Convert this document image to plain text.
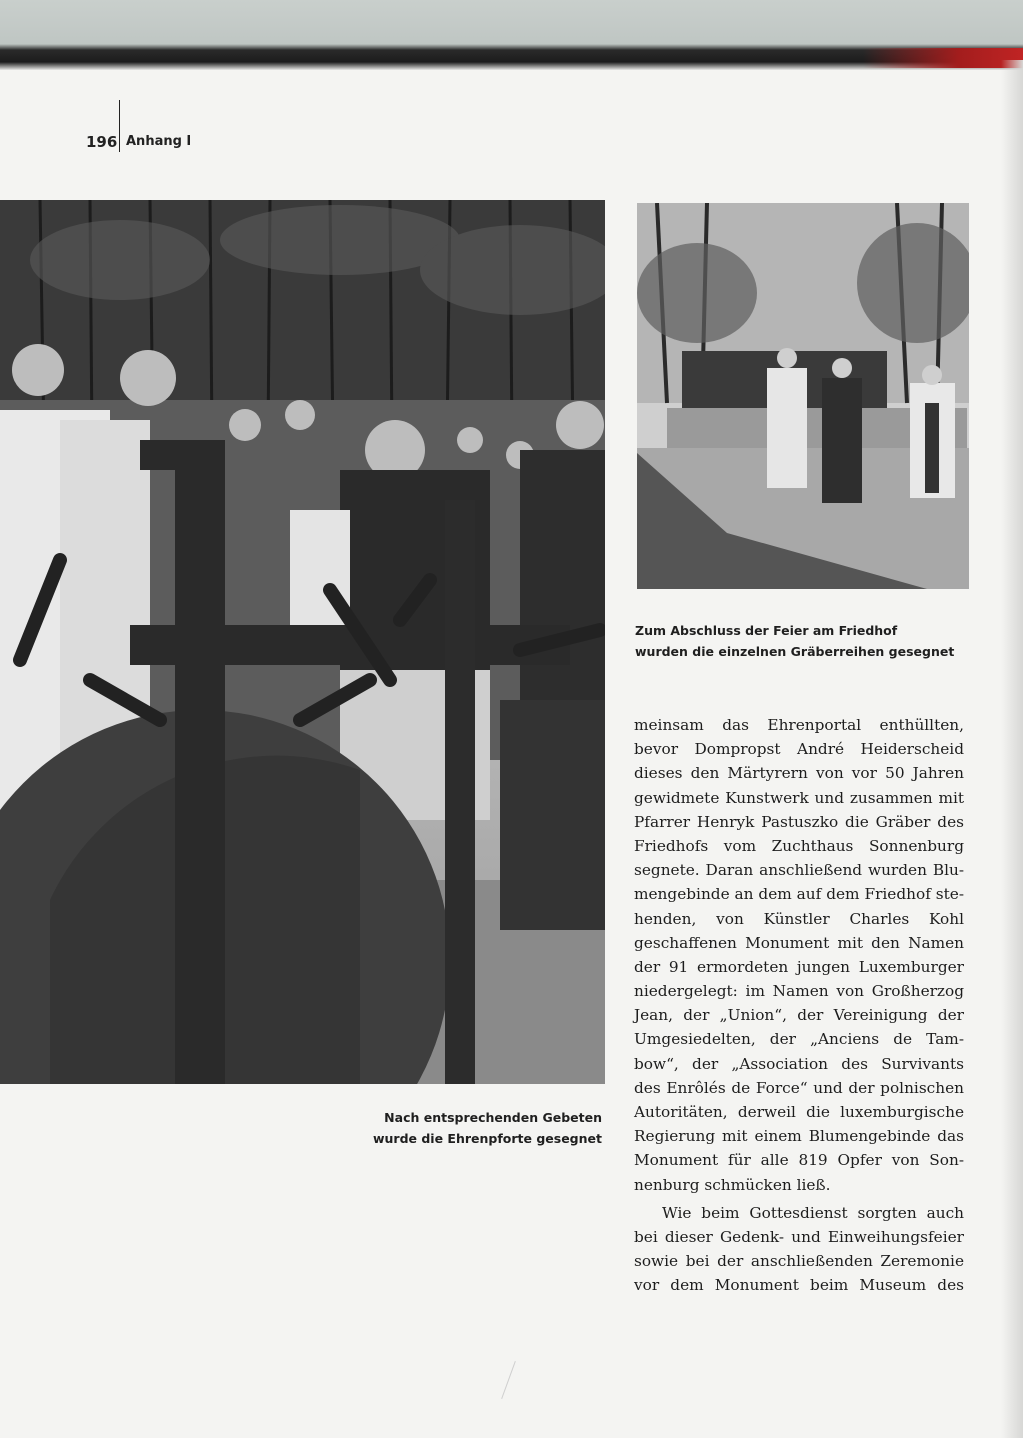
196 Anhang I
Zum Abschluss der Feier am Friedhof
wurden die einzelnen Gräberreihen gesegnet
Nach entsprechenden Gebeten
wurde die Ehrenpforte gesegnet
meinsam das Ehrenportal enthüllten,
bevor Dompropst André Heiderscheid
dieses den Märtyrern von vor 50 Jahren
gewidmete Kunstwerk und zusammen mit
Pfarrer Henryk Pastuszko die Gräber des
Friedhofs vom Zuchthaus Sonnenburg
segnete. Daran anschließend wurden Blu-
mengebinde an dem auf dem Friedhof ste-
henden, von Künstler Charles Kohl
geschaffenen Monument mit den Namen
der 91 ermordeten jungen Luxemburger
niedergelegt: im Namen von Großherzog
Jean, der „Union“, der Vereinigung der
Umgesiedelten, der „Anciens de Tam-
bow“, der „Association des Survivants
des Enrôlés de Force“ und der polnischen
Autoritäten, derweil die luxemburgische
Regierung mit einem Blumengebinde das
Monument für alle 819 Opfer von Son-
nenburg schmücken ließ.
Wie beim Gottesdienst sorgten auch
bei dieser Gedenk- und Einweihungsfeier
sowie bei der anschließenden Zeremonie
vor dem Monument beim Museum des
